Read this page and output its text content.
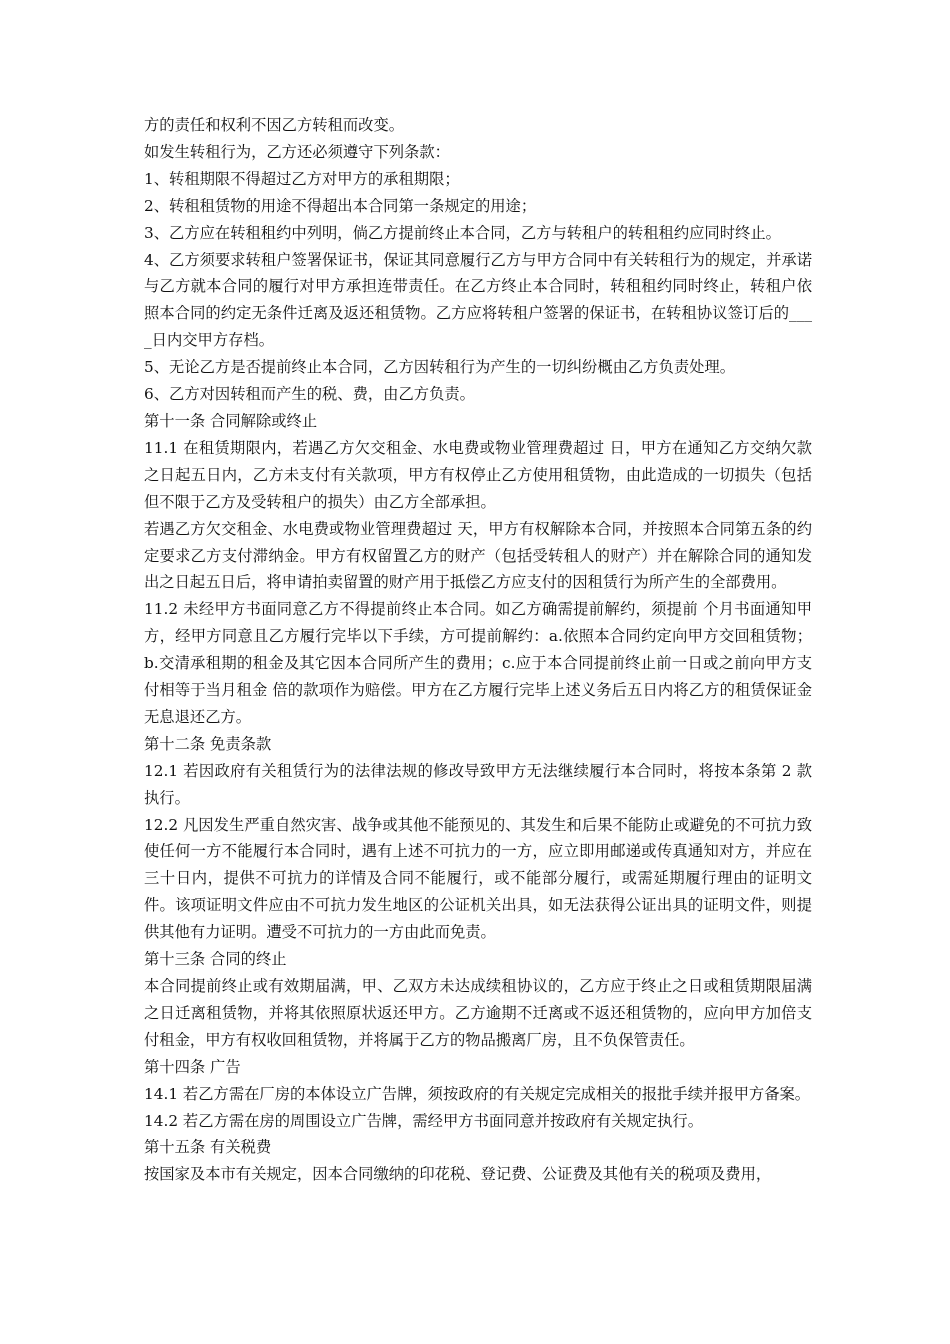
方的责任和权利不因乙方转租而改变。

如发生转租行为，乙方还必须遵守下列条款：

1、转租期限不得超过乙方对甲方的承租期限；

2、转租租赁物的用途不得超出本合同第一条规定的用途；

3、乙方应在转租租约中列明，倘乙方提前终止本合同，乙方与转租户的转租租约应同时终止。

4、乙方须要求转租户签署保证书，保证其同意履行乙方与甲方合同中有关转租行为的规定，并承诺与乙方就本合同的履行对甲方承担连带责任。在乙方终止本合同时，转租租约同时终止，转租户依照本合同的约定无条件迁离及返还租赁物。乙方应将转租户签署的保证书，在转租协议签订后的____日内交甲方存档。

5、无论乙方是否提前终止本合同，乙方因转租行为产生的一切纠纷概由乙方负责处理。

6、乙方对因转租而产生的税、费，由乙方负责。

第十一条 合同解除或终止

11.1 在租赁期限内，若遇乙方欠交租金、水电费或物业管理费超过 日，甲方在通知乙方交纳欠款之日起五日内，乙方未支付有关款项，甲方有权停止乙方使用租赁物，由此造成的一切损失（包括但不限于乙方及受转租户的损失）由乙方全部承担。

若遇乙方欠交租金、水电费或物业管理费超过 天，甲方有权解除本合同，并按照本合同第五条的约定要求乙方支付滞纳金。甲方有权留置乙方的财产（包括受转租人的财产）并在解除合同的通知发出之日起五日后，将申请拍卖留置的财产用于抵偿乙方应支付的因租赁行为所产生的全部费用。

11.2 未经甲方书面同意乙方不得提前终止本合同。如乙方确需提前解约，须提前 个月书面通知甲方，经甲方同意且乙方履行完毕以下手续，方可提前解约：a.依照本合同约定向甲方交回租赁物；b.交清承租期的租金及其它因本合同所产生的费用；c.应于本合同提前终止前一日或之前向甲方支付相等于当月租金 倍的款项作为赔偿。甲方在乙方履行完毕上述义务后五日内将乙方的租赁保证金无息退还乙方。

第十二条 免责条款

12.1 若因政府有关租赁行为的法律法规的修改导致甲方无法继续履行本合同时，将按本条第 2 款执行。

12.2 凡因发生严重自然灾害、战争或其他不能预见的、其发生和后果不能防止或避免的不可抗力致使任何一方不能履行本合同时，遇有上述不可抗力的一方，应立即用邮递或传真通知对方，并应在三十日内，提供不可抗力的详情及合同不能履行，或不能部分履行，或需延期履行理由的证明文件。该项证明文件应由不可抗力发生地区的公证机关出具，如无法获得公证出具的证明文件，则提供其他有力证明。遭受不可抗力的一方由此而免责。

第十三条 合同的终止

本合同提前终止或有效期届满，甲、乙双方未达成续租协议的，乙方应于终止之日或租赁期限届满之日迁离租赁物，并将其依照原状返还甲方。乙方逾期不迁离或不返还租赁物的，应向甲方加倍支付租金，甲方有权收回租赁物，并将属于乙方的物品搬离厂房，且不负保管责任。

第十四条 广告

14.1 若乙方需在厂房的本体设立广告牌，须按政府的有关规定完成相关的报批手续并报甲方备案。

14.2 若乙方需在房的周围设立广告牌，需经甲方书面同意并按政府有关规定执行。

第十五条 有关税费

按国家及本市有关规定，因本合同缴纳的印花税、登记费、公证费及其他有关的税项及费用，
